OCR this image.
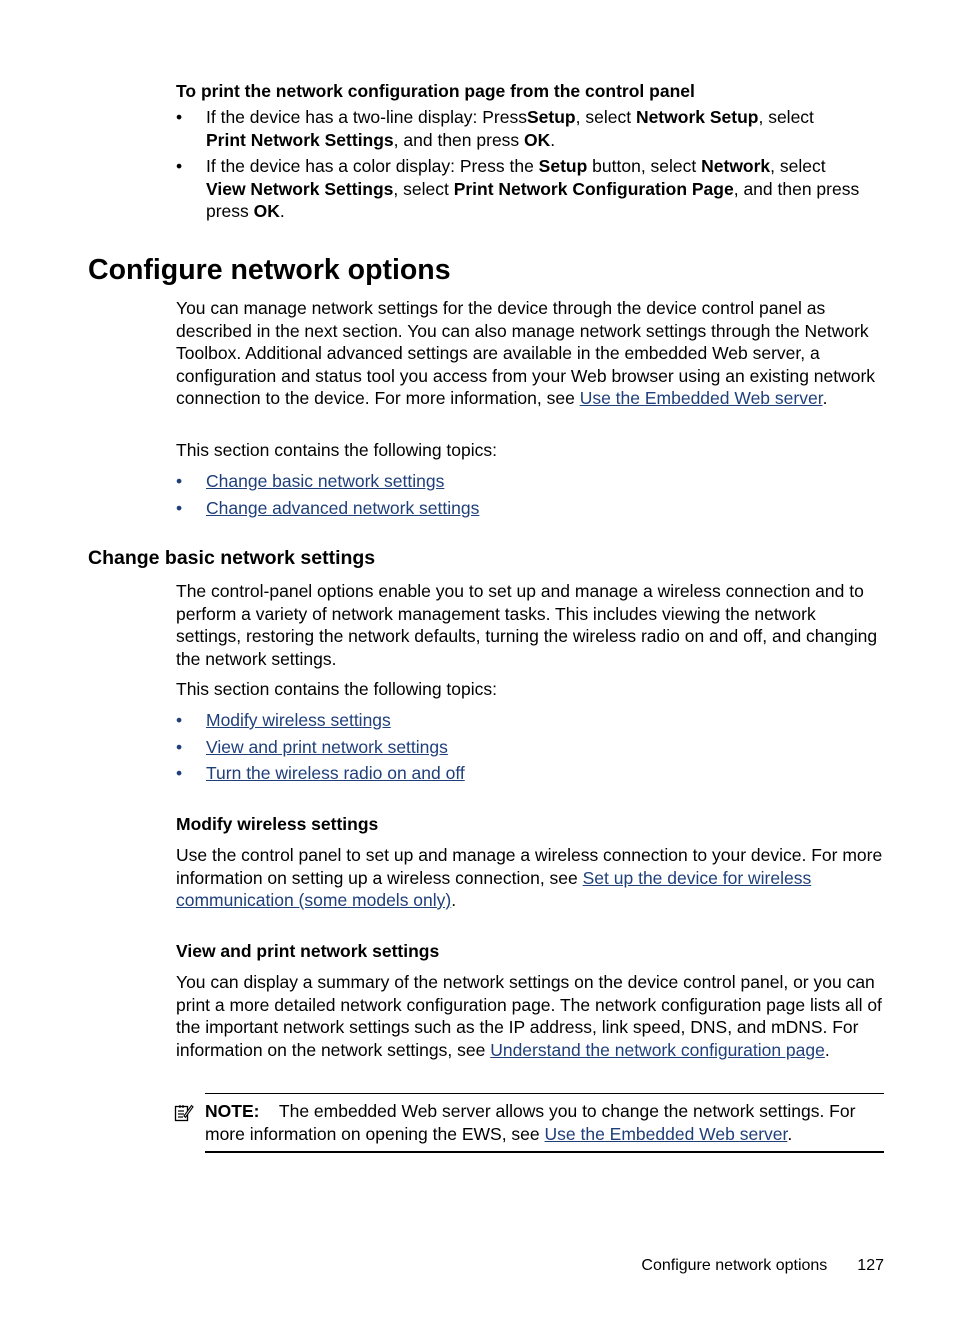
To print the network configuration page from the control panel
• If the device has a two-line display: PressSetup, select Network Setup, select
Print Network Settings, and then press OK.
• If the device has a color display: Press the Setup button, select Network, select
View Network Settings, select Print Network Configuration Page, and then press
press OK.
Configure network options

You can manage network settings for the device through the device control panel as described in the next section. You can also manage network settings through the Network Toolbox. Additional advanced settings are available in the embedded Web server, a configuration and status tool you access from your Web browser using an existing network connection to the device. For more information, see Use the Embedded Web server.

This section contains the following topics:

• Change basic network settings
• Change advanced network settings
Change basic network settings

The control-panel options enable you to set up and manage a wireless connection and to perform a variety of network management tasks. This includes viewing the network settings, restoring the network defaults, turning the wireless radio on and off, and changing the network settings.

This section contains the following topics:

• Modify wireless settings
• View and print network settings
• Turn the wireless radio on and off
Modify wireless settings

Use the control panel to set up and manage a wireless connection to your device. For more information on setting up a wireless connection, see Set up the device for wireless communication (some models only).

View and print network settings

You can display a summary of the network settings on the device control panel, or you can print a more detailed network configuration page. The network configuration page lists all of the important network settings such as the IP address, link speed, DNS, and mDNS. For information on the network settings, see Understand the network configuration page.

NOTE: The embedded Web server allows you to change the network settings. For more information on opening the EWS, see Use the Embedded Web server.

Configure network options 127
